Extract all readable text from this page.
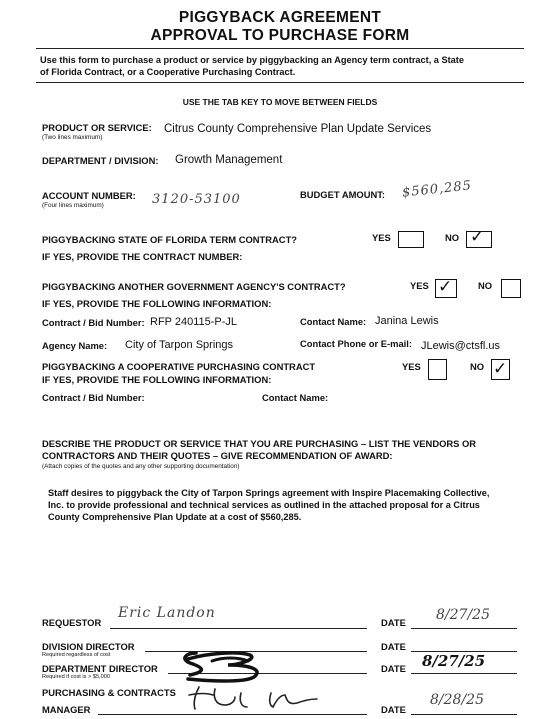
PIGGYBACK AGREEMENT
APPROVAL TO PURCHASE FORM
Use this form to purchase a product or service by piggybacking an Agency term contract, a State
of Florida Contract, or a Cooperative Purchasing Contract.
USE THE TAB KEY TO MOVE BETWEEN FIELDS
PRODUCT OR SERVICE:
(Two lines maximum)
Citrus County Comprehensive Plan Update Services
DEPARTMENT / DIVISION: Growth Management
ACCOUNT NUMBER:
(Four lines maximum)	3120-53100	BUDGET AMOUNT: $560,285
PIGGYBACKING STATE OF FLORIDA TERM CONTRACT?	YES	NO ✓
IF YES, PROVIDE THE CONTRACT NUMBER:
PIGGYBACKING ANOTHER GOVERNMENT AGENCY'S CONTRACT?	YES ✓	NO
IF YES, PROVIDE THE FOLLOWING INFORMATION:
Contract / Bid Number: RFP 240115-P-JL	Contact Name: Janina Lewis
Agency Name: City of Tarpon Springs	Contact Phone or E-mail: JLewis@ctsfl.us
PIGGYBACKING A COOPERATIVE PURCHASING CONTRACT	YES	NO ✓
IF YES, PROVIDE THE FOLLOWING INFORMATION:
Contract / Bid Number:	Contact Name:
DESCRIBE THE PRODUCT OR SERVICE THAT YOU ARE PURCHASING – LIST THE VENDORS OR
CONTRACTORS AND THEIR QUOTES – GIVE RECOMMENDATION OF AWARD:
(Attach copies of the quotes and any other supporting documentation)
Staff desires to piggyback the City of Tarpon Springs agreement with Inspire Placemaking Collective,
Inc. to provide professional and technical services as outlined in the attached proposal for a Citrus
County Comprehensive Plan Update at a cost of $560,285.
REQUESTOR
Eric Landon
DATE 8/27/25
DIVISION DIRECTOR
Required regardless of cost
DATE
DEPARTMENT DIRECTOR
Required if cost is > $5,000
DATE 8/27/25
PURCHASING & CONTRACTS
MANAGER	DATE
8/28/25
